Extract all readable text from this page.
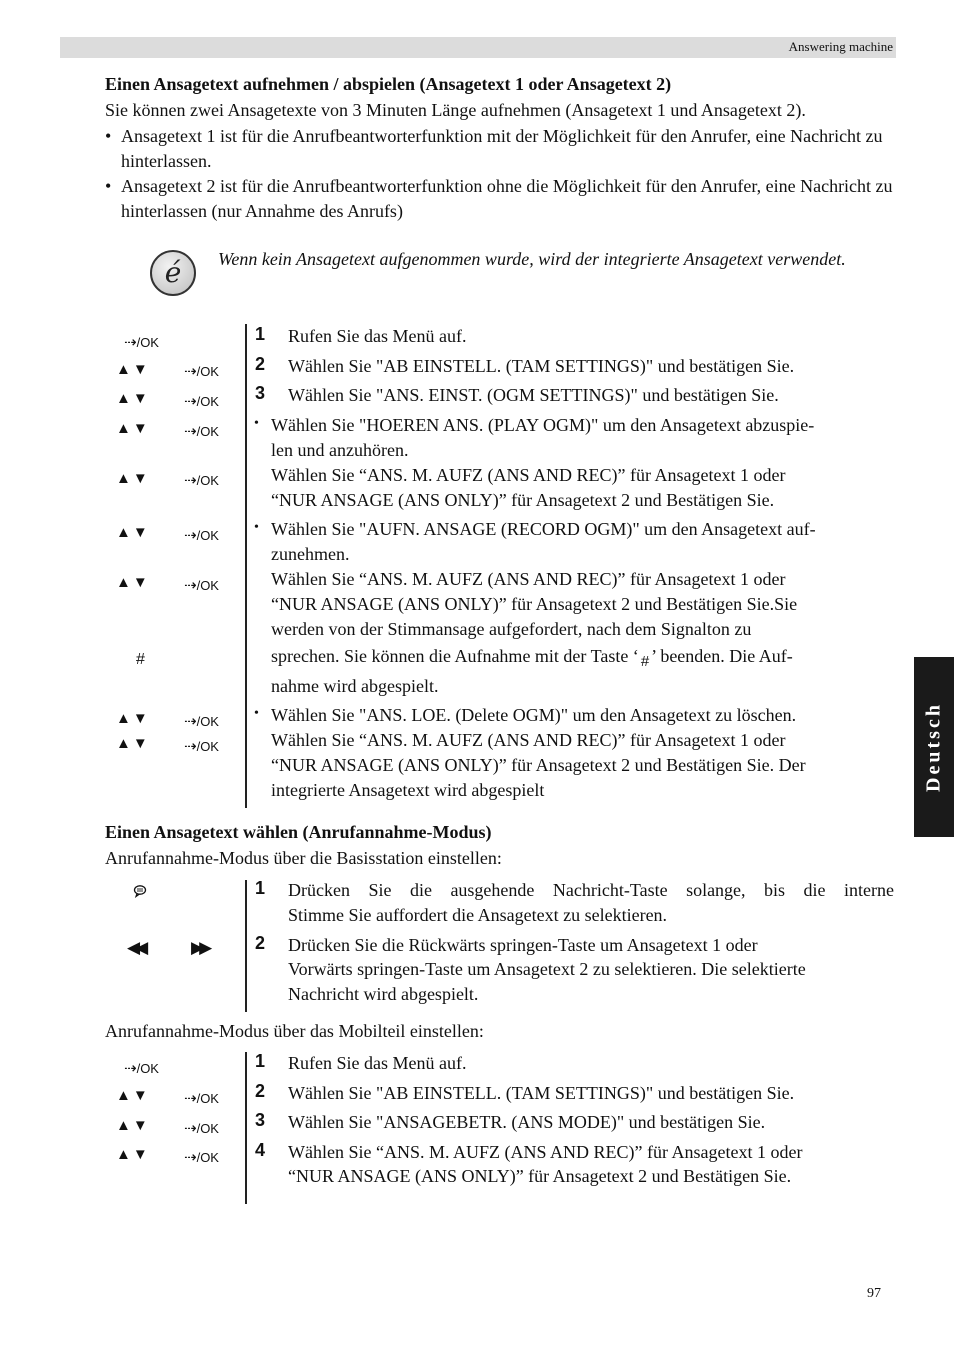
Answering machine
Deutsch
Einen Ansagetext aufnehmen / abspielen (Ansagetext 1 oder Ansagetext 2)
Sie können zwei Ansagetexte von 3 Minuten Länge aufnehmen (Ansagetext 1 und Ansagetext 2).
• Ansagetext 1 ist für die Anrufbeantworterfunktion mit der Möglichkeit für den Anrufer, eine Nachricht zu hinterlassen.
• Ansagetext 2 ist für die Anrufbeantworterfunktion ohne die Möglichkeit für den Anrufer, eine Nachricht zu hinterlassen (nur Annahme des Anrufs)
é	Wenn kein Ansagetext aufgenommen wurde, wird der integrierte Ansagetext verwendet.
⇢/OK
▲▼ ⇢/OK
▲▼ ⇢/OK
▲▼ ⇢/OK
▲▼ ⇢/OK
▲▼ ⇢/OK
▲▼ ⇢/OK
#
▲▼ ⇢/OK
▲▼ ⇢/OK
1 Rufen Sie das Menü auf.
2 Wählen Sie "AB EINSTELL. (TAM SETTINGS)" und bestätigen Sie.
3 Wählen Sie "ANS. EINST. (OGM SETTINGS)" und bestätigen Sie.
• Wählen Sie "HOEREN ANS. (PLAY OGM)" um den Ansagetext abzuspie-
len und anzuhören.
Wählen Sie “ANS. M. AUFZ (ANS AND REC)” für Ansagetext 1 oder
“NUR ANSAGE (ANS ONLY)” für Ansagetext 2 und Bestätigen Sie.
• Wählen Sie "AUFN. ANSAGE (RECORD OGM)" um den Ansagetext auf-
zunehmen.
Wählen Sie “ANS. M. AUFZ (ANS AND REC)” für Ansagetext 1 oder
“NUR ANSAGE (ANS ONLY)” für Ansagetext 2 und Bestätigen Sie.Sie
werden von der Stimmansage aufgefordert, nach dem Signalton zu
sprechen. Sie können die Aufnahme mit der Taste ‘ $_{\#}$ ’ beenden. Die Auf-
nahme wird abgespielt.
• Wählen Sie "ANS. LOE. (Delete OGM)" um den Ansagetext zu löschen.
Wählen Sie “ANS. M. AUFZ (ANS AND REC)” für Ansagetext 1 oder
“NUR ANSAGE (ANS ONLY)” für Ansagetext 2 und Bestätigen Sie. Der
integrierte Ansagetext wird abgespielt
Einen Ansagetext wählen (Anrufannahme-Modus)
Anrufannahme-Modus über die Basisstation einstellen:
◀◀	▶▶
1 Drücken Sie die ausgehende Nachricht-Taste solange, bis die interne
Stimme Sie auffordert die Ansagetext zu selektieren.
2 Drücken Sie die Rückwärts springen-Taste um Ansagetext 1 oder
Vorwärts springen-Taste um Ansagetext 2 zu selektieren. Die selektierte
Nachricht wird abgespielt.
Anrufannahme-Modus über das Mobilteil einstellen:
⇢/OK
▲▼ ⇢/OK
▲▼ ⇢/OK
▲▼ ⇢/OK
1 Rufen Sie das Menü auf.
2 Wählen Sie "AB EINSTELL. (TAM SETTINGS)" und bestätigen Sie.
3 Wählen Sie "ANSAGEBETR. (ANS MODE)" und bestätigen Sie.
4 Wählen Sie “ANS. M. AUFZ (ANS AND REC)” für Ansagetext 1 oder
“NUR ANSAGE (ANS ONLY)” für Ansagetext 2 und Bestätigen Sie.
97
